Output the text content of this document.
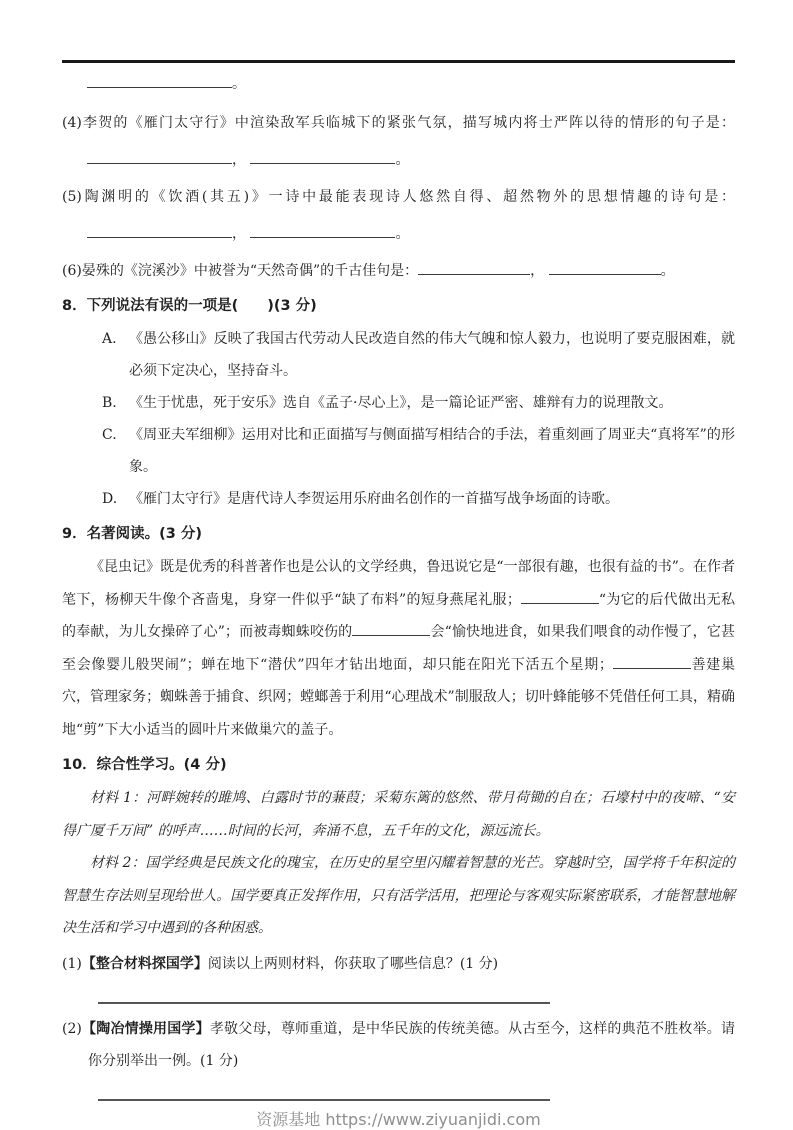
。

(4)李贺的《雁门太守行》中渲染敌军兵临城下的紧张气氛，描写城内将士严阵以待的情形的句子是：

，	。

(5)陶渊明的《饮酒(其五)》一诗中最能表现诗人悠然自得、超然物外的思想情趣的诗句是：

，	。

(6)晏殊的《浣溪沙》中被誉为“天然奇偶”的千古佳句是：	，	。

8．下列说法有误的一项是(　　)(3 分)
A. 《愚公移山》反映了我国古代劳动人民改造自然的伟大气魄和惊人毅力，也说明了要克服困难，就必须下定决心，坚持奋斗。
B. 《生于忧患，死于安乐》选自《孟子·尽心上》，是一篇论证严密、雄辩有力的说理散文。
C. 《周亚夫军细柳》运用对比和正面描写与侧面描写相结合的手法，着重刻画了周亚夫“真将军”的形象。
D. 《雁门太守行》是唐代诗人李贺运用乐府曲名创作的一首描写战争场面的诗歌。
9．名著阅读。(3 分)

《昆虫记》既是优秀的科普著作也是公认的文学经典，鲁迅说它是“一部很有趣，也很有益的书”。在作者笔下，杨柳天牛像个吝啬鬼，身穿一件似乎“缺了布料”的短身燕尾礼服；	“为它的后代做出无私的奉献，为儿女操碎了心”；而被毒蜘蛛咬伤的	会“愉快地进食，如果我们喂食的动作慢了，它甚至会像婴儿般哭闹”；蝉在地下“潜伏”四年才钻出地面，却只能在阳光下活五个星期；	善建巢穴，管理家务；蜘蛛善于捕食、织网；螳螂善于利用“心理战术”制服敌人；切叶蜂能够不凭借任何工具，精确地“剪”下大小适当的圆叶片来做巢穴的盖子。

10．综合性学习。(4 分)

材料 1：河畔婉转的雎鸠、白露时节的蒹葭；采菊东篱的悠然、带月荷锄的自在；石壕村中的夜啼、“安得广厦千万间” 的呼声……时间的长河，奔涌不息，五千年的文化，源远流长。

材料 2：国学经典是民族文化的瑰宝，在历史的星空里闪耀着智慧的光芒。穿越时空，国学将千年积淀的智慧生存法则呈现给世人。国学要真正发挥作用，只有活学活用，把理论与客观实际紧密联系，才能智慧地解决生活和学习中遇到的各种困惑。

(1)【整合材料探国学】阅读以上两则材料，你获取了哪些信息？(1 分)

(2)【陶冶情操用国学】孝敬父母，尊师重道，是中华民族的传统美德。从古至今，这样的典范不胜枚举。请你分别举出一例。(1 分)

资源基地 https://www.ziyuanjidi.com
